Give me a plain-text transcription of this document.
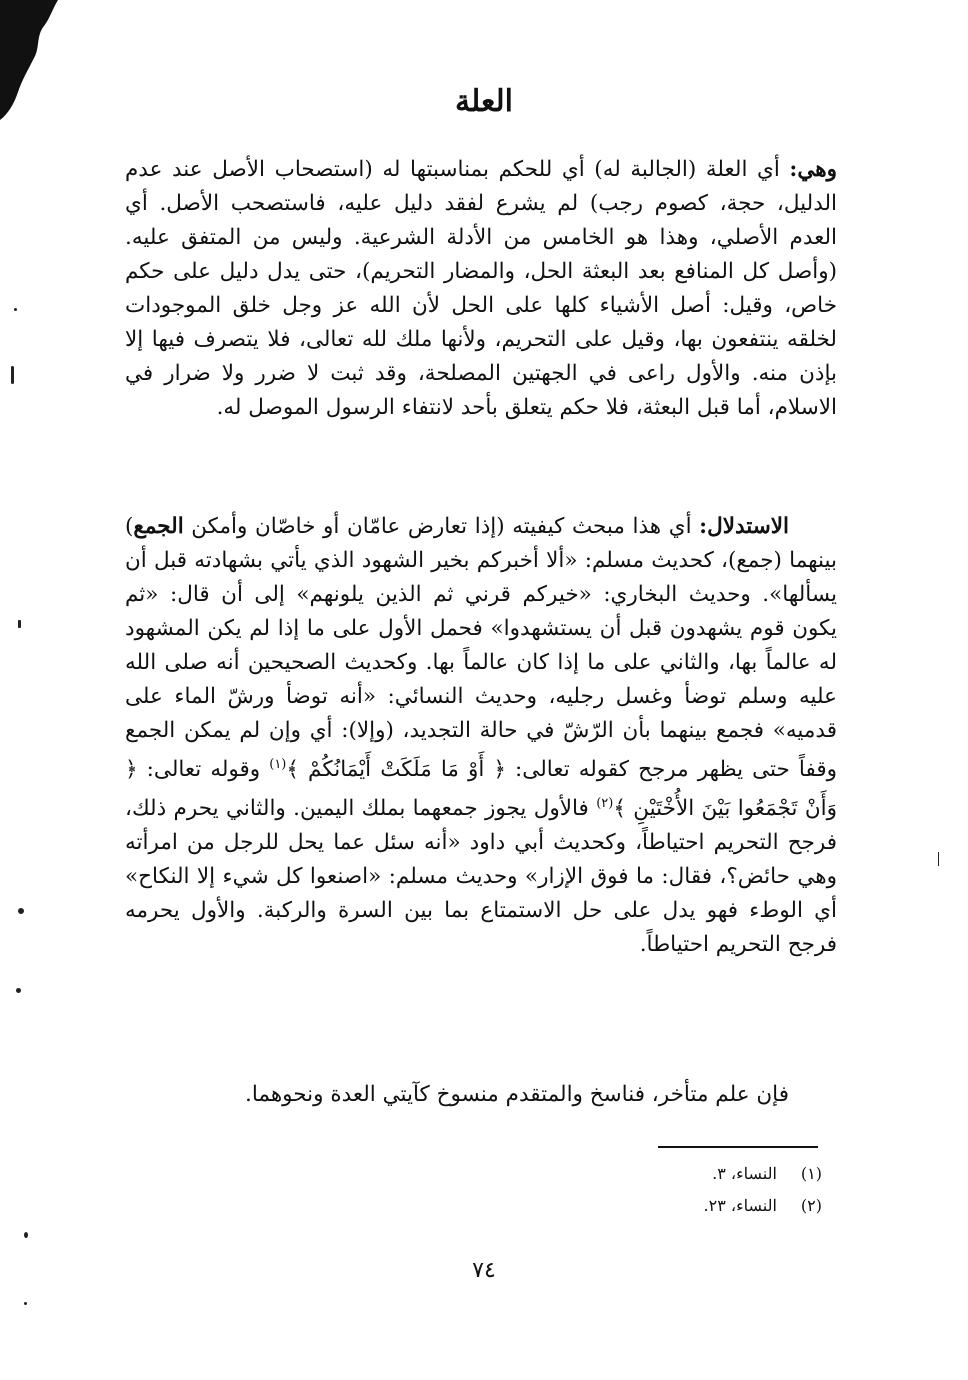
العلة

وهي: أي العلة (الجالبة له) أي للحكم بمناسبتها له (استصحاب الأصل عند عدم الدليل، حجة، كصوم رجب) لم يشرع لفقد دليل عليه، فاستصحب الأصل. أي العدم الأصلي، وهذا هو الخامس من الأدلة الشرعية. وليس من المتفق عليه. (وأصل كل المنافع بعد البعثة الحل، والمضار التحريم)، حتى يدل دليل على حكم خاص، وقيل: أصل الأشياء كلها على الحل لأن الله عز وجل خلق الموجودات لخلقه ينتفعون بها، وقيل على التحريم، ولأنها ملك لله تعالى، فلا يتصرف فيها إلا بإذن منه. والأول راعى في الجهتين المصلحة، وقد ثبت لا ضرر ولا ضرار في الاسلام، أما قبل البعثة، فلا حكم يتعلق بأحد لانتفاء الرسول الموصل له.

الاستدلال: أي هذا مبحث كيفيته (إذا تعارض عامّان أو خاصّان وأمكن الجمع) بينهما (جمع)، كحديث مسلم: «ألا أخبركم بخير الشهود الذي يأتي بشهادته قبل أن يسألها». وحديث البخاري: «خيركم قرني ثم الذين يلونهم» إلى أن قال: «ثم يكون قوم يشهدون قبل أن يستشهدوا» فحمل الأول على ما إذا لم يكن المشهود له عالماً بها، والثاني على ما إذا كان عالماً بها. وكحديث الصحيحين أنه صلى الله عليه وسلم توضأ وغسل رجليه، وحديث النسائي: «أنه توضأ ورشّ الماء على قدميه» فجمع بينهما بأن الرّشّ في حالة التجديد، (وإلا): أي وإن لم يمكن الجمع وقفاً حتى يظهر مرجح كقوله تعالى: ﴿ أَوْ مَا مَلَكَتْ أَيْمَانُكُمْ ﴾$^{(١)}$ وقوله تعالى: ﴿ وَأَنْ تَجْمَعُوا بَيْنَ الأُخْتَيْنِ ﴾$^{(٢)}$ فالأول يجوز جمعهما بملك اليمين. والثاني يحرم ذلك، فرجح التحريم احتياطاً، وكحديث أبي داود «أنه سئل عما يحل للرجل من امرأته وهي حائض؟، فقال: ما فوق الإزار» وحديث مسلم: «اصنعوا كل شيء إلا النكاح» أي الوطء فهو يدل على حل الاستمتاع بما بين السرة والركبة. والأول يحرمه فرجح التحريم احتياطاً.

فإن علم متأخر، فناسخ والمتقدم منسوخ كآيتي العدة ونحوهما.

(١) النساء، ٣.
(٢) النساء، ٢٣.
٧٤
